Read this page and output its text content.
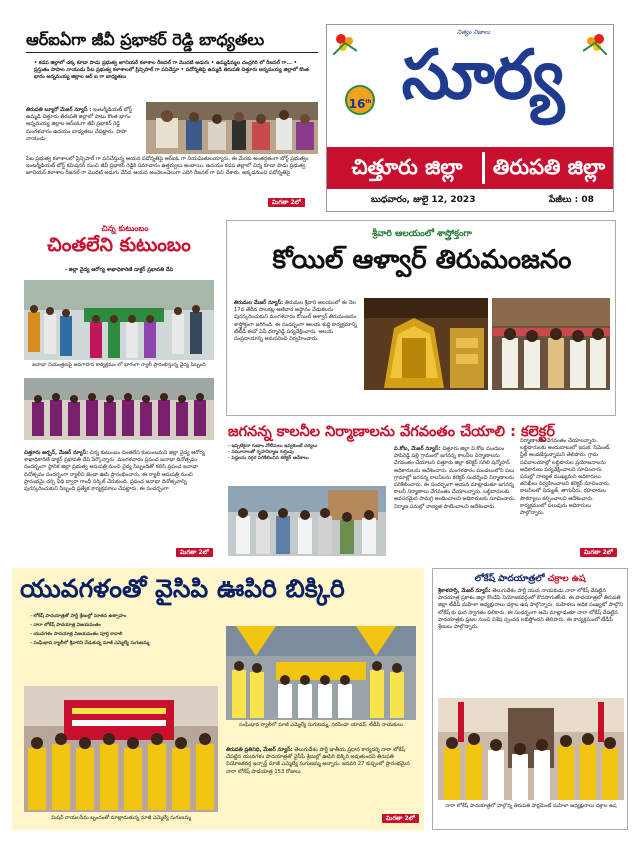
ఆర్ఐఏగా జీవీ ప్రభాకర్ రెడ్డి బాధ్యతలు
• కడప జిల్లాలో చక్క కూడా పాడు ప్రభుత్వ జూనియర్ కళాశాల రీజనల్ గా మొదటి అడుగు • ఉమ్మడిమ్మల చంద్రగిరి లో రీజనల్ గా... • ప్రస్తుతం పాపాల నాయుడు పేట ప్రభుత్వ కళాశాలలో ప్రిన్సిపాల్ గా పనిచేస్తూ • పదోన్నతిపై ఉమ్మడి తిరుపతి చిత్తూరు అన్నమయ్య జిల్లాలో కొంత భాగం అన్నమయ్య జిల్లాల ఆర్ ఐ గా బాధ్యతలు
తిరుపతి బ్యూరో మేజర్ న్యూస్ : ఇంటర్మీడియట్ బోర్డ్ ఉమ్మడి చిత్తూరు తిరుపతి జిల్లాలో పాటు కొంత భాగం అన్నమయ్య జిల్లాల ఆర్ఐఓగా జీవీ ప్రభాకర్ రెడ్డి మంగళవారం ఉదయం బాధ్యతలు చేపట్టారు. పాపా నాయుడు
పేట ప్రభుత్వ కళాశాలలో ప్రిన్సిపాల్ గా పనిచేస్తున్న ఆయన పదోన్నతిపై ఆర్ఐఓ గా నియమితులయ్యారు. ఈ మేరకు అంతర్గతంగా బోర్డ్ ప్రభుత్వం ఇంటర్మీడియట్ బోర్డ్ కమిషనర్ నుంచి జీవీ ప్రభాకర్ రెడ్డికి సమాచారం ఉత్తర్వులు అందాయి. ఉదయం కడప జిల్లాలో చిన్న కూడా పాడు ప్రభుత్వ జూనియర్ కళాశాల రీజనల్ గా మొదటి అడుగు వేసిన ఆయన అంచెలంచెలుగా ఎదిగి రీజనల్ గా పని చేశారు. అక్కడనుంచి పదోన్నతిపై
మిగతా 2లో
నిత్యం నిజాలు
సూర్య
16th
చిత్తూరు జిల్లా	తిరుపతి జిల్లా
బుధవారం, జులై 12, 2023	పేజీలు : 08
చిన్న కుటుంబం
చింతలేని కుటుంబం
- జిల్లా వైద్య ఆరోగ్య శాఖాధికారిణి డాక్టర్ ప్రభావతి దేవి
జనాభా నియంత్రణపై అవగాహన కార్యక్రమం లో భాగంగా ర్యాలీ ప్రారంభిస్తున్న వైద్య సిబ్బంది
చిత్తూరు అర్బన్, మేజర్ న్యూస్: చిన్న కుటుంబం చింతలేని కుటుంబమని జిల్లా వైద్య ఆరోగ్య శాఖాధికారిణి డాక్టర్ ప్రభావతి దేవి పేర్కొన్నారు. మంగళవారం ప్రపంచ జనాభా దినోత్సవం సందర్భంగా స్థానిక జిల్లా ప్రభుత్వ ఆసుపత్రి నుంచి వైద్య సిబ్బందితో కలిసి ప్రపంచ జనాభా దినోత్సవం సందర్భంగా ర్యాలీని జెండా ఊపి ప్రారంభించారు. ఈ ర్యాలీ ఆసుపత్రి నుంచి ప్రారంభమై చర్చి వీధి ద్వారా గాంధీ సర్కిల్ చేరుకుంది. ప్రపంచ జనాభా దినోత్సవాన్ని పురస్కరించుకుని సిబ్బంది ప్రత్యేక కార్యక్రమాలు చేపట్టారు. ఈ సందర్భంగా
మిగతా 2లో
శ్రీవారి ఆలయంలో శాస్త్రోక్తంగా
కోయిల్ ఆళ్వార్ తిరుమంజనం
తిరుమల మేజర్ న్యూస్: తిరుమల శ్రీవారి ఆలయంలో ఈ నెల 17వ తేదీన సాలకట్ల ఆణివార ఆస్థానం వేడుకలను పురస్కరించుకుని మంగళవారం కోయిల్ ఆళ్వార్ తిరుమంజనం శాస్త్రోక్తంగా జరిగింది. ఈ సందర్భంగా ఆలయ శుద్ధి కార్యక్రమాన్ని టీటీడీ ఈవో ఏవీ ధర్మారెడ్డి పర్యవేక్షించారు. ఆలయ సంప్రదాయాన్ని అనుసరించి నిర్వహించారు.
జగనన్న కాలనీల నిర్మాణాలను వేగవంతం చేయాలి : కలెక్టర్
- ఇప్పటికైనా గుణాం నోటీసులు ఇవ్వకుంటే చర్యలు
- నమూనాలతో గృహనిర్మాణ గుర్తింపు
- పెద్దలను దగ్గర పరిశీలించిన కలెక్టర్ ఆదేశాలు
వి.కోట, మేజర్ న్యూస్: చిత్తూరు జిల్లా వి.కోట మండలం పాపిరెడ్డి పల్లి గ్రామంలో జగనన్న కాలనీల నిర్మాణాలను వేగవంతం చేయాలని చిత్తూరు జిల్లా కలెక్టర్ సగిలి షన్మోహన్ అధికారులను ఆదేశించారు. మంగళవారం మండలంలోని పలు గ్రామాల్లో జగనన్న కాలనీలను కలెక్టర్ సందర్శించి నిర్మాణాలను పరిశీలించారు. ఈ సందర్భంగా ఆయన మాట్లాడుతూ జగనన్న కాలనీ నిర్మాణాలు వేగవంతం చేయాలన్నారు. లబ్ధిదారులకు అవసరమైన సామగ్రి అందించాలని అధికారులకు సూచించారు. నిర్మాణ పనుల్లో నాణ్యత పాటించాలని ఆదేశించారు.
నిర్మాణాలను వేగవంతం చేయాలన్నారు. లబ్ధిదారులకు అందుబాటులో ఇసుక, సిమెంట్, స్టీల్ అందజేస్తున్నామని తెలిపారు. గ్రామ సచివాలయాల్లో లబ్ధిదారుల ప్రయోజనాలను అధికారులు పర్యవేక్షించాలని సూచించారు. పనుల్లో నాణ్యత ముఖ్యమని అధికారులు తనిఖీలు నిర్వహించాలని కలెక్టర్ సూచించారు. కాలనీలలో విద్యుత్, తాగునీరు, రహదారుల సౌకర్యాలు కల్పించాలని ఆదేశించారు. కార్యక్రమంలో పలువురు అధికారులు పాల్గొన్నారు.
మిగతా 2లో
యువగళంతో వైసిపి ఊపిరి బిక్కిరి
- లోకేష్ పాదయాత్రతో పార్టీ శ్రేణుల్లో నూతన ఉత్సాహం
- నారా లోకేష్ పాదయాత్ర విజయవంతం
- యువగళం పాదయాత్ర విజయవంతం పూర్తి కావాలి
- సంఘీభావ ర్యాలీలో శ్రీవారిని వేడుకున్న మాజీ ఎమ్మెల్యే సుగుణమ్మ
మిషన్ రాయలసీమ బృందంతో మాట్లాడుతున్న మాజీ ఎమ్మెల్యే సుగుణమ్మ
సంఘీభావ ర్యాలీలో మాజీ ఎమ్మెల్యే సుగుణమ్మ, నరసింహ యాదవ్, టీడీపీ నాయకులు
తిరుపతి ప్రతినిధి, మేజర్ న్యూస్: తెలుగుదేశం పార్టీ జాతీయ ప్రధాన కార్యదర్శి నారా లోకేష్ చేపట్టిన యువగళం పాదయాత్రతో వైసీపీ శ్రేణుల్లో ఊపిరి బిక్కిరి అవుతుందని తిరుపతి నియోజకవర్గ ఇన్చార్జ్ మాజీ ఎమ్మెల్యే సుగుణమ్మ అన్నారు. జనవరి 27 కుప్పంలో ప్రారంభమైన నారా లోకేష్ పాదయాత్ర 153 రోజులు
మిగతా 2లో
లోకేష్ పాదయాత్రలో చక్రాల ఉష
శ్రీకాళహస్తి, మేజర్ న్యూస్: తెలుగుదేశం పార్టీ యువ నాయకుడు నారా లోకేష్ చేపట్టిన పాదయాత్ర ప్రకాశం జిల్లా కొండేపి నియోజకవర్గంలో కొనసాగుతోంది. ఈ పాదయాత్రలో తిరుపతి జిల్లా టీడీపీ మహిళా అధ్యక్షురాలు చక్రాల ఉష పాల్గొన్నారు. మహిళలు అధిక సంఖ్యలో పాల్గొని లోకేష్ కు ఘన స్వాగతం పలికారు. ఈ సందర్భంగా ఆమె మాట్లాడుతూ నారా లోకేష్ చేపట్టిన పాదయాత్రకు ప్రజల నుంచి విశేష స్పందన లభిస్తోందని తెలిపారు. ఈ కార్యక్రమంలో టీడీపీ శ్రేణులు పాల్గొన్నారు.
నారా లోకేష్ పాదయాత్రలో పాల్గొన్న తిరుపతి పార్లమెంట్ మహిళా అధ్యక్షురాలు చక్రాల ఉష
